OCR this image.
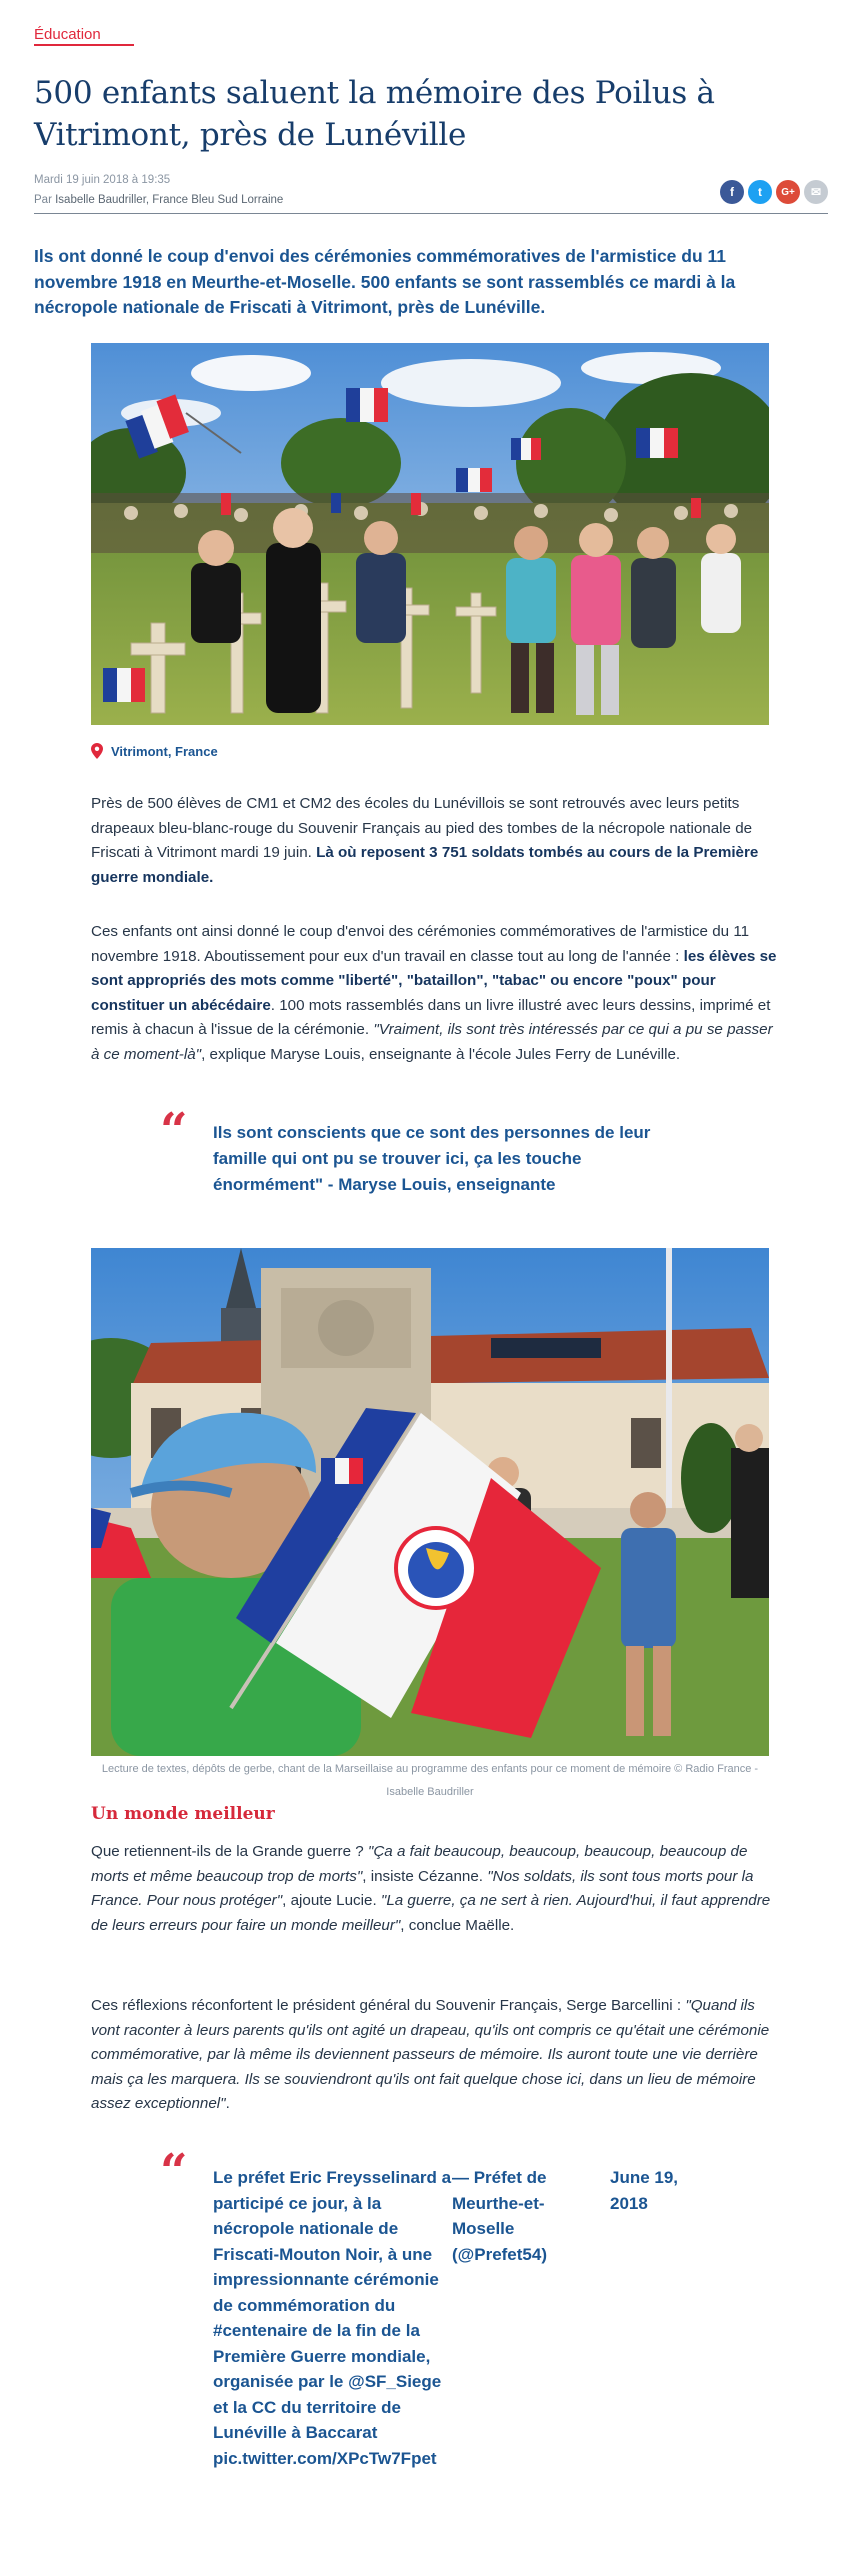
Éducation
500 enfants saluent la mémoire des Poilus à Vitrimont, près de Lunéville
Mardi 19 juin 2018 à 19:35
Par Isabelle Baudriller, France Bleu Sud Lorraine
f	t	G+	✉

Ils ont donné le coup d'envoi des cérémonies commémoratives de l'armistice du 11 novembre 1918 en Meurthe-et-Moselle. 500 enfants se sont rassemblés ce mardi à la nécropole nationale de Friscati à Vitrimont, près de Lunéville.

Vitrimont, France

Près de 500 élèves de CM1 et CM2 des écoles du Lunévillois se sont retrouvés avec leurs petits drapeaux bleu-blanc-rouge du Souvenir Français au pied des tombes de la nécropole nationale de Friscati à Vitrimont mardi 19 juin. Là où reposent 3 751 soldats tombés au cours de la Première guerre mondiale.

Ces enfants ont ainsi donné le coup d'envoi des cérémonies commémoratives de l'armistice du 11 novembre 1918. Aboutissement pour eux d'un travail en classe tout au long de l'année : les élèves se sont appropriés des mots comme "liberté", "bataillon", "tabac" ou encore "poux" pour constituer un abécédaire. 100 mots rassemblés dans un livre illustré avec leurs dessins, imprimé et remis à chacun à l'issue de la cérémonie. "Vraiment, ils sont très intéressés par ce qui a pu se passer à ce moment-là", explique Maryse Louis, enseignante à l'école Jules Ferry de Lunéville.

“ Ils sont conscients que ce sont des personnes de leur famille qui ont pu se trouver ici, ça les touche énormément" - Maryse Louis, enseignante

Lecture de textes, dépôts de gerbe, chant de la Marseillaise au programme des enfants pour ce moment de mémoire © Radio France - Isabelle Baudriller

Un monde meilleur

Que retiennent-ils de la Grande guerre ? "Ça a fait beaucoup, beaucoup, beaucoup, beaucoup de morts et même beaucoup trop de morts", insiste Cézanne. "Nos soldats, ils sont tous morts pour la France. Pour nous protéger", ajoute Lucie. "La guerre, ça ne sert à rien. Aujourd'hui, il faut apprendre de leurs erreurs pour faire un monde meilleur", conclue Maëlle.

Ces réflexions réconfortent le président général du Souvenir Français, Serge Barcellini : "Quand ils vont raconter à leurs parents qu'ils ont agité un drapeau, qu'ils ont compris ce qu'était une cérémonie commémorative, par là même ils deviennent passeurs de mémoire. Ils auront toute une vie derrière mais ça les marquera. Ils se souviendront qu'ils ont fait quelque chose ici, dans un lieu de mémoire assez exceptionnel".

“ Le préfet Eric Freysselinard a participé ce jour, à la nécropole nationale de Friscati-Mouton Noir, à une impressionnante cérémonie de commémoration du #centenaire de la fin de la Première Guerre mondiale, organisée par le @SF_Siege et la CC du territoire de Lunéville à Baccarat pic.twitter.com/XPcTw7Fpet

— Préfet de Meurthe-et-Moselle (@Prefet54)

June 19, 2018
